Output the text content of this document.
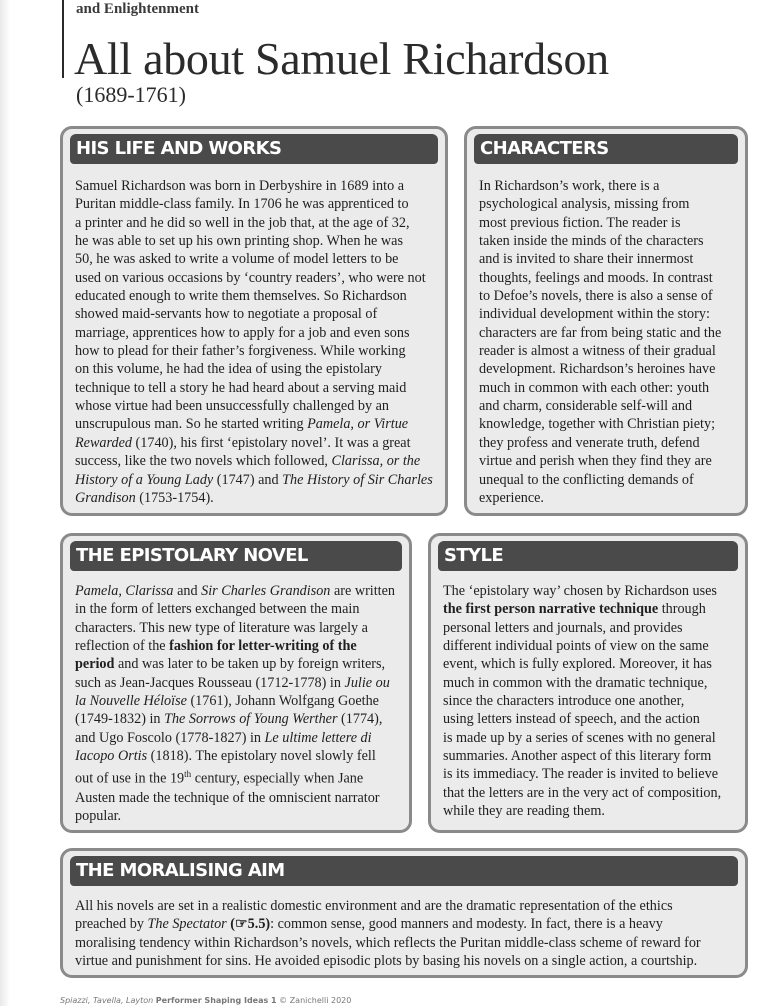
and Enlightenment
All about Samuel Richardson
(1689-1761)
HIS LIFE AND WORKS
Samuel Richardson was born in Derbyshire in 1689 into a
Puritan middle-class family. In 1706 he was apprenticed to
a printer and he did so well in the job that, at the age of 32,
he was able to set up his own printing shop. When he was
50, he was asked to write a volume of model letters to be
used on various occasions by ‘country readers’, who were not
educated enough to write them themselves. So Richardson
showed maid-servants how to negotiate a proposal of
marriage, apprentices how to apply for a job and even sons
how to plead for their father’s forgiveness. While working
on this volume, he had the idea of using the epistolary
technique to tell a story he had heard about a serving maid
whose virtue had been unsuccessfully challenged by an
unscrupulous man. So he started writing Pamela, or Virtue
Rewarded (1740), his first ‘epistolary novel’. It was a great
success, like the two novels which followed, Clarissa, or the
History of a Young Lady (1747) and The History of Sir Charles
Grandison (1753-1754).
CHARACTERS
In Richardson’s work, there is a
psychological analysis, missing from
most previous fiction. The reader is
taken inside the minds of the characters
and is invited to share their innermost
thoughts, feelings and moods. In contrast
to Defoe’s novels, there is also a sense of
individual development within the story:
characters are far from being static and the
reader is almost a witness of their gradual
development. Richardson’s heroines have
much in common with each other: youth
and charm, considerable self-will and
knowledge, together with Christian piety;
they profess and venerate truth, defend
virtue and perish when they find they are
unequal to the conflicting demands of
experience.
THE EPISTOLARY NOVEL
Pamela, Clarissa and Sir Charles Grandison are written
in the form of letters exchanged between the main
characters. This new type of literature was largely a
reflection of the fashion for letter-writing of the
period and was later to be taken up by foreign writers,
such as Jean-Jacques Rousseau (1712-1778) in Julie ou
la Nouvelle Héloïse (1761), Johann Wolfgang Goethe
(1749-1832) in The Sorrows of Young Werther (1774),
and Ugo Foscolo (1778-1827) in Le ultime lettere di
Iacopo Ortis (1818). The epistolary novel slowly fell
out of use in the 19th century, especially when Jane
Austen made the technique of the omniscient narrator
popular.
STYLE
The ‘epistolary way’ chosen by Richardson uses
the first person narrative technique through
personal letters and journals, and provides
different individual points of view on the same
event, which is fully explored. Moreover, it has
much in common with the dramatic technique,
since the characters introduce one another,
using letters instead of speech, and the action
is made up by a series of scenes with no general
summaries. Another aspect of this literary form
is its immediacy. The reader is invited to believe
that the letters are in the very act of composition,
while they are reading them.
THE MORALISING AIM
All his novels are set in a realistic domestic environment and are the dramatic representation of the ethics
preached by The Spectator (☞5.5): common sense, good manners and modesty. In fact, there is a heavy
moralising tendency within Richardson’s novels, which reflects the Puritan middle-class scheme of reward for
virtue and punishment for sins. He avoided episodic plots by basing his novels on a single action, a courtship.
Spiazzi, Tavella, Layton Performer Shaping Ideas 1 © Zanichelli 2020
